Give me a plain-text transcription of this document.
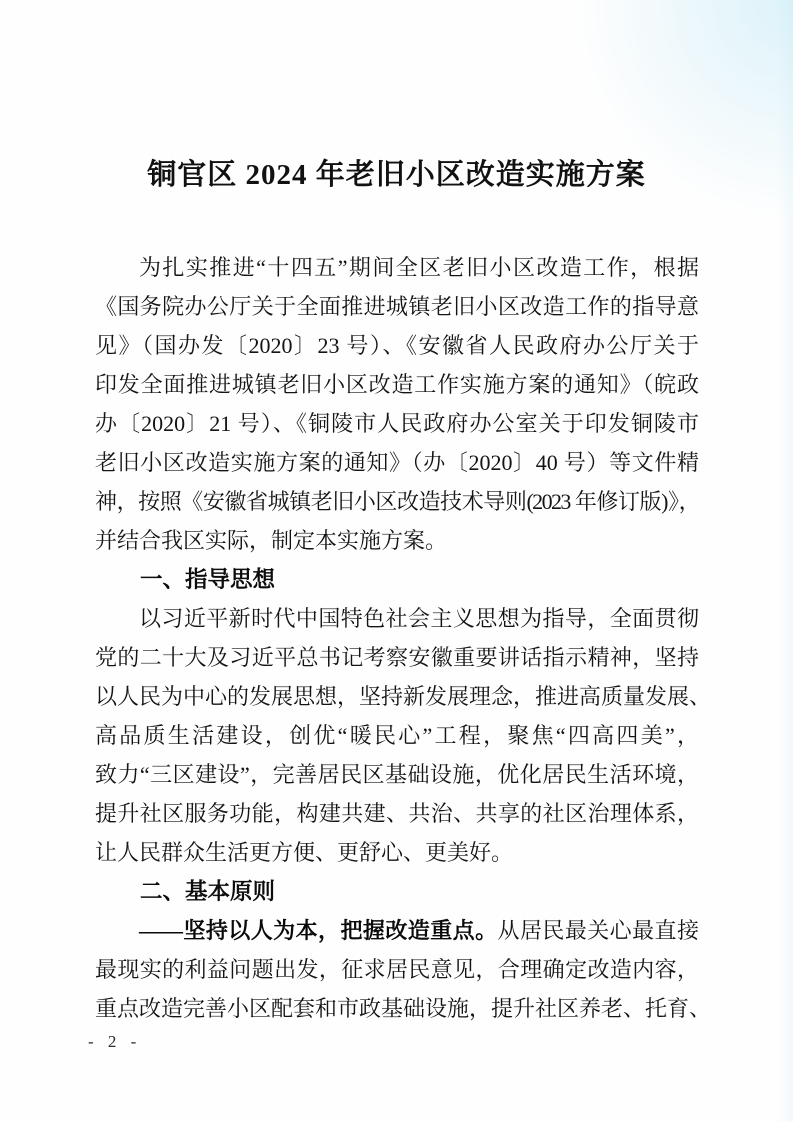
铜官区 2024 年老旧小区改造实施方案
为扎实推进“十四五”期间全区老旧小区改造工作，根据
《国务院办公厅关于全面推进城镇老旧小区改造工作的指导意
见》（国办发〔2020〕23 号）、《安徽省人民政府办公厅关于
印发全面推进城镇老旧小区改造工作实施方案的通知》（皖政
办〔2020〕21 号）、《铜陵市人民政府办公室关于印发铜陵市
老旧小区改造实施方案的通知》（办〔2020〕40 号）等文件精
神，按照《安徽省城镇老旧小区改造技术导则(2023 年修订版)》，
并结合我区实际，制定本实施方案。
一、指导思想
以习近平新时代中国特色社会主义思想为指导，全面贯彻
党的二十大及习近平总书记考察安徽重要讲话指示精神，坚持
以人民为中心的发展思想，坚持新发展理念，推进高质量发展、
高品质生活建设，创优“暖民心”工程，聚焦“四高四美”，
致力“三区建设”，完善居民区基础设施，优化居民生活环境，
提升社区服务功能，构建共建、共治、共享的社区治理体系，
让人民群众生活更方便、更舒心、更美好。
二、基本原则
——坚持以人为本，把握改造重点。从居民最关心最直接
最现实的利益问题出发，征求居民意见，合理确定改造内容，
重点改造完善小区配套和市政基础设施，提升社区养老、托育、
- 2 -
